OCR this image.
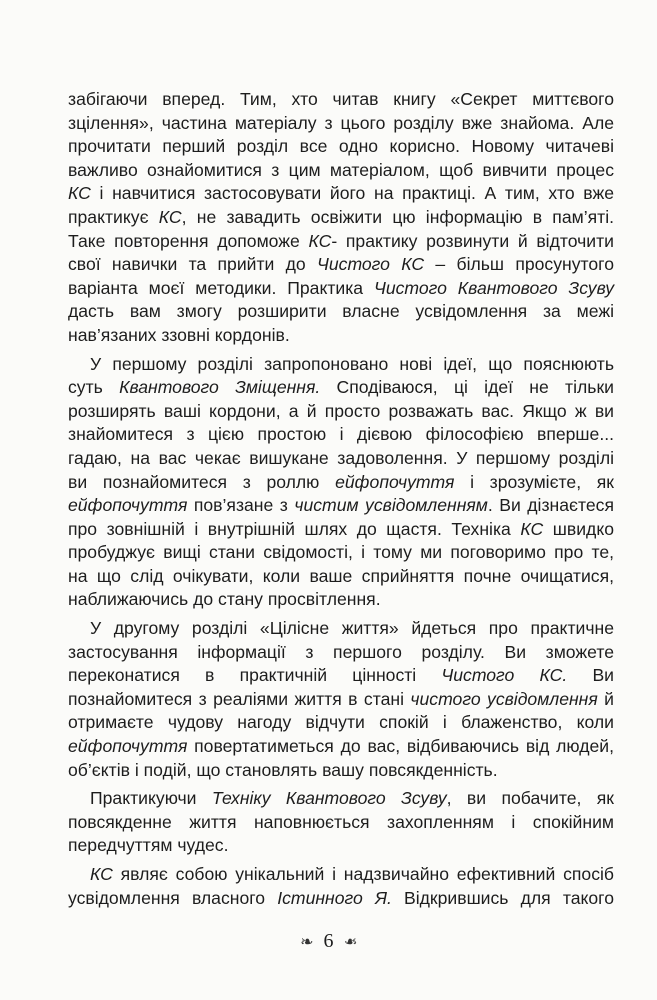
забігаючи вперед. Тим, хто читав книгу «Секрет миттєвого
зцілення», частина матеріалу з цього розділу вже знайома. Але
прочитати перший розділ все одно корисно. Новому читачеві
важливо ознайомитися з цим матеріалом, щоб вивчити процес
КС і навчитися застосовувати його на практиці. А тим, хто вже
практикує КС, не завадить освіжити цю інформацію в пам’яті.
Таке повторення допоможе КС- практику розвинути й відточити
свої навички та прийти до Чистого КС – більш просунутого
варіанта моєї методики. Практика Чистого Квантового Зсуву
дасть вам змогу розширити власне усвідомлення за межі
нав’язаних ззовні кордонів.
У першому розділі запропоновано нові ідеї, що пояснюють
суть Квантового Зміщення. Сподіваюся, ці ідеї не тільки
розширять ваші кордони, а й просто розважать вас. Якщо ж ви
знайомитеся з цією простою і дієвою філософією вперше...
гадаю, на вас чекає вишукане задоволення. У першому розділі
ви познайомитеся з роллю ейфопочуття і зрозумієте, як
ейфопочуття пов’язане з чистим усвідомленням. Ви дізнаєтеся
про зовнішній і внутрішній шлях до щастя. Техніка КС швидко
пробуджує вищі стани свідомості, і тому ми поговоримо про те,
на що слід очікувати, коли ваше сприйняття почне очищатися,
наближаючись до стану просвітлення.
У другому розділі «Цілісне життя» йдеться про практичне
застосування інформації з першого розділу. Ви зможете
переконатися в практичній цінності Чистого КС. Ви
познайомитеся з реаліями життя в стані чистого усвідомлення й
отримаєте чудову нагоду відчути спокій і блаженство, коли
ейфопочуття повертатиметься до вас, відбиваючись від людей,
об’єктів і подій, що становлять вашу повсякденність.
Практикуючи Техніку Квантового Зсуву, ви побачите, як
повсякденне життя наповнюється захопленням і спокійним
передчуттям чудес.
КС являє собою унікальний і надзвичайно ефективний спосіб
усвідомлення власного Істинного Я. Відкрившись для такого
❧ 6 ❧
